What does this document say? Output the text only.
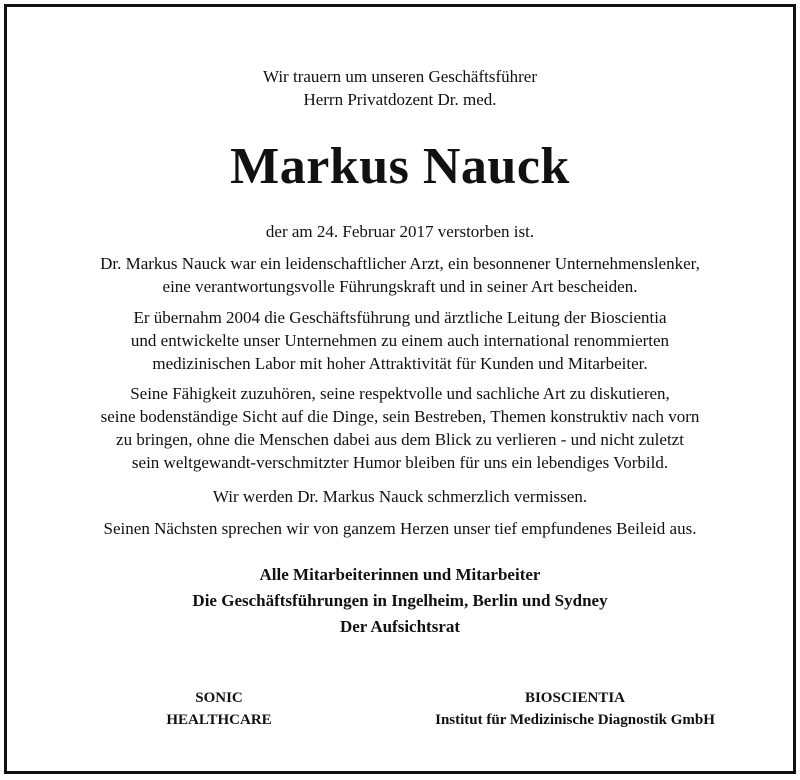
Wir trauern um unseren Geschäftsführer
Herrn Privatdozent Dr. med.
Markus Nauck
der am 24. Februar 2017 verstorben ist.
Dr. Markus Nauck war ein leidenschaftlicher Arzt, ein besonnener Unternehmenslenker,
eine verantwortungsvolle Führungskraft und in seiner Art bescheiden.
Er übernahm 2004 die Geschäftsführung und ärztliche Leitung der Bioscientia
und entwickelte unser Unternehmen zu einem auch international renommierten
medizinischen Labor mit hoher Attraktivität für Kunden und Mitarbeiter.
Seine Fähigkeit zuzuhören, seine respektvolle und sachliche Art zu diskutieren,
seine bodenständige Sicht auf die Dinge, sein Bestreben, Themen konstruktiv nach vorn
zu bringen, ohne die Menschen dabei aus dem Blick zu verlieren - und nicht zuletzt
sein weltgewandt-verschmitzter Humor bleiben für uns ein lebendiges Vorbild.
Wir werden Dr. Markus Nauck schmerzlich vermissen.
Seinen Nächsten sprechen wir von ganzem Herzen unser tief empfundenes Beileid aus.
Alle Mitarbeiterinnen und Mitarbeiter
Die Geschäftsführungen in Ingelheim, Berlin und Sydney
Der Aufsichtsrat
SONIC
HEALTHCARE
BIOSCIENTIA
Institut für Medizinische Diagnostik GmbH
